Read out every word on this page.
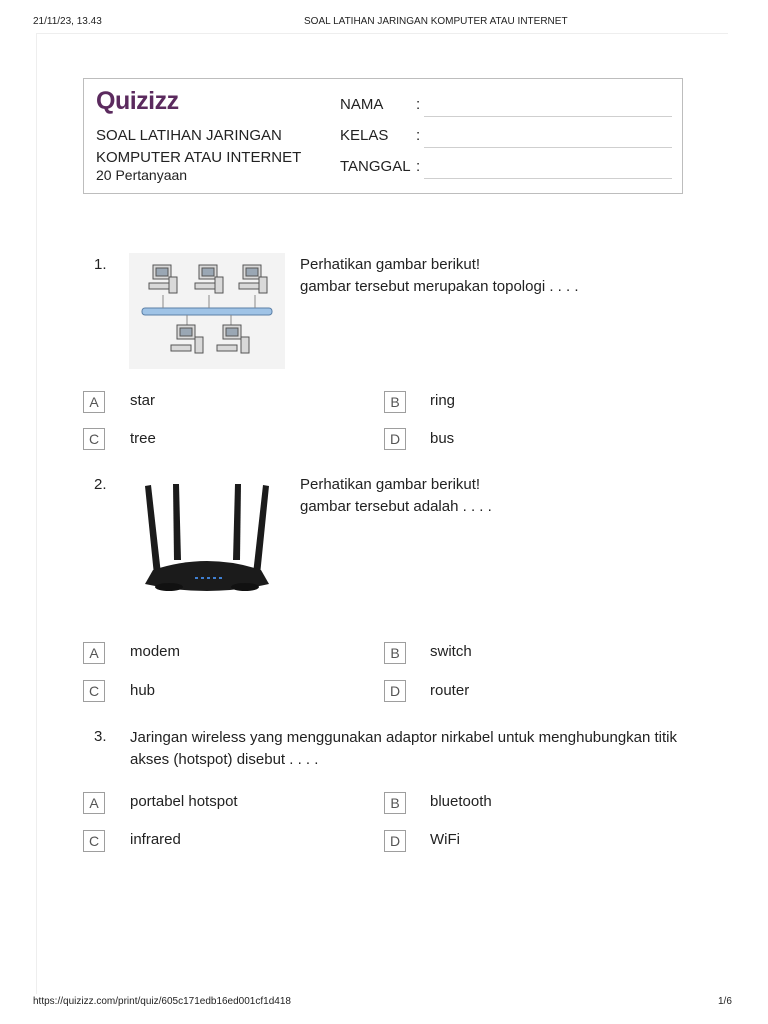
21/11/23, 13.43	SOAL LATIHAN JARINGAN KOMPUTER ATAU INTERNET
Quizizz
SOAL LATIHAN JARINGAN KOMPUTER ATAU INTERNET
20 Pertanyaan
NAMA :
KELAS :
TANGGAL :
1.	Perhatikan gambar berikut!
gambar tersebut merupakan topologi . . . .
A	star	B	ring
C	tree	D	bus
2.	Perhatikan gambar berikut!
gambar tersebut adalah . . . .
A	modem	B	switch
C	hub	D	router
3. Jaringan wireless yang menggunakan adaptor nirkabel untuk menghubungkan titik akses (hotspot) disebut . . . .
A	portabel hotspot	B	bluetooth
C	infrared	D	WiFi
https://quizizz.com/print/quiz/605c171edb16ed001cf1d418	1/6
